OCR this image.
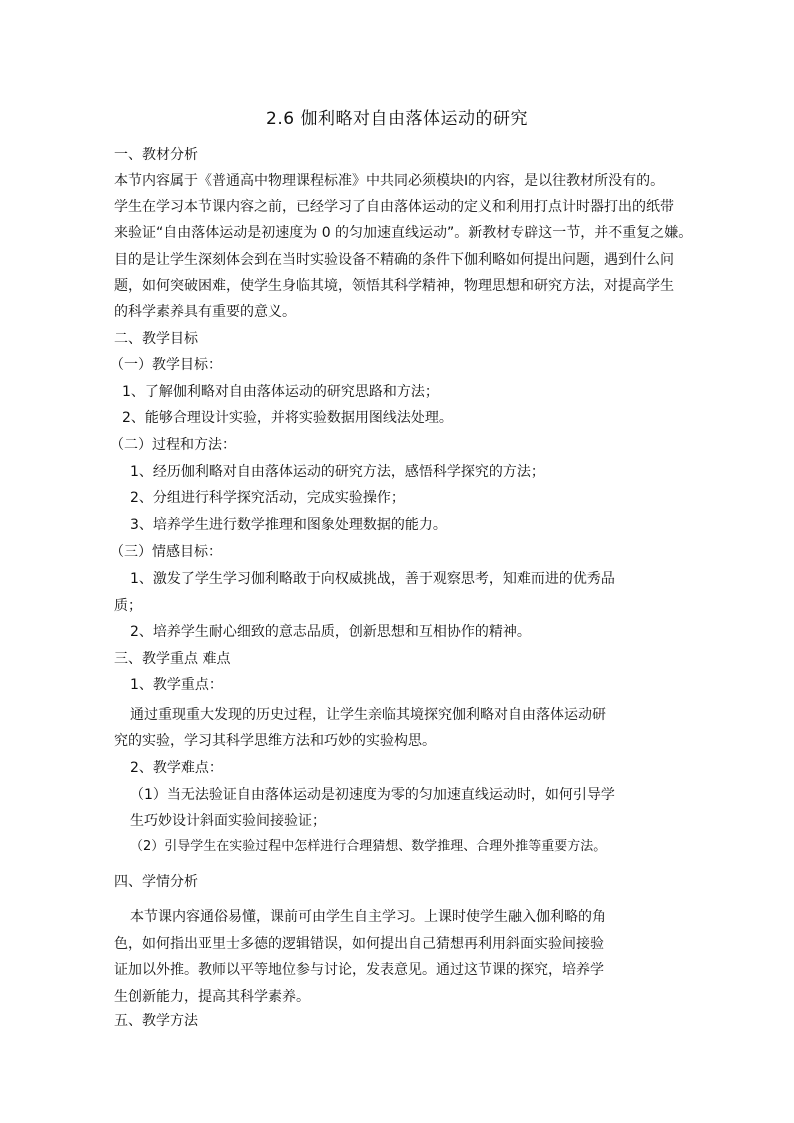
2.6 伽利略对自由落体运动的研究
一、教材分析
本节内容属于《普通高中物理课程标准》中共同必须模块Ⅰ的内容，是以往教材所没有的。
学生在学习本节课内容之前，已经学习了自由落体运动的定义和利用打点计时器打出的纸带
来验证“自由落体运动是初速度为 0 的匀加速直线运动”。新教材专辟这一节，并不重复之嫌。
目的是让学生深刻体会到在当时实验设备不精确的条件下伽利略如何提出问题，遇到什么问
题，如何突破困难，使学生身临其境，领悟其科学精神，物理思想和研究方法，对提高学生
的科学素养具有重要的意义。
二、教学目标
（一）教学目标：
1、了解伽利略对自由落体运动的研究思路和方法；
2、能够合理设计实验，并将实验数据用图线法处理。
（二）过程和方法：
1、经历伽利略对自由落体运动的研究方法，感悟科学探究的方法；
2、分组进行科学探究活动，完成实验操作；
3、培养学生进行数学推理和图象处理数据的能力。
（三）情感目标：
1、激发了学生学习伽利略敢于向权威挑战，善于观察思考，知难而进的优秀品
质；
2、培养学生耐心细致的意志品质，创新思想和互相协作的精神。
三、教学重点 难点
1、教学重点：
通过重现重大发现的历史过程，让学生亲临其境探究伽利略对自由落体运动研
究的实验，学习其科学思维方法和巧妙的实验构思。
2、教学难点：
（1）当无法验证自由落体运动是初速度为零的匀加速直线运动时，如何引导学
生巧妙设计斜面实验间接验证；
（2）引导学生在实验过程中怎样进行合理猜想、数学推理、合理外推等重要方法。
四、学情分析
本节课内容通俗易懂，课前可由学生自主学习。上课时使学生融入伽利略的角
色，如何指出亚里士多德的逻辑错误，如何提出自己猜想再利用斜面实验间接验
证加以外推。教师以平等地位参与讨论，发表意见。通过这节课的探究，培养学
生创新能力，提高其科学素养。
五、教学方法
